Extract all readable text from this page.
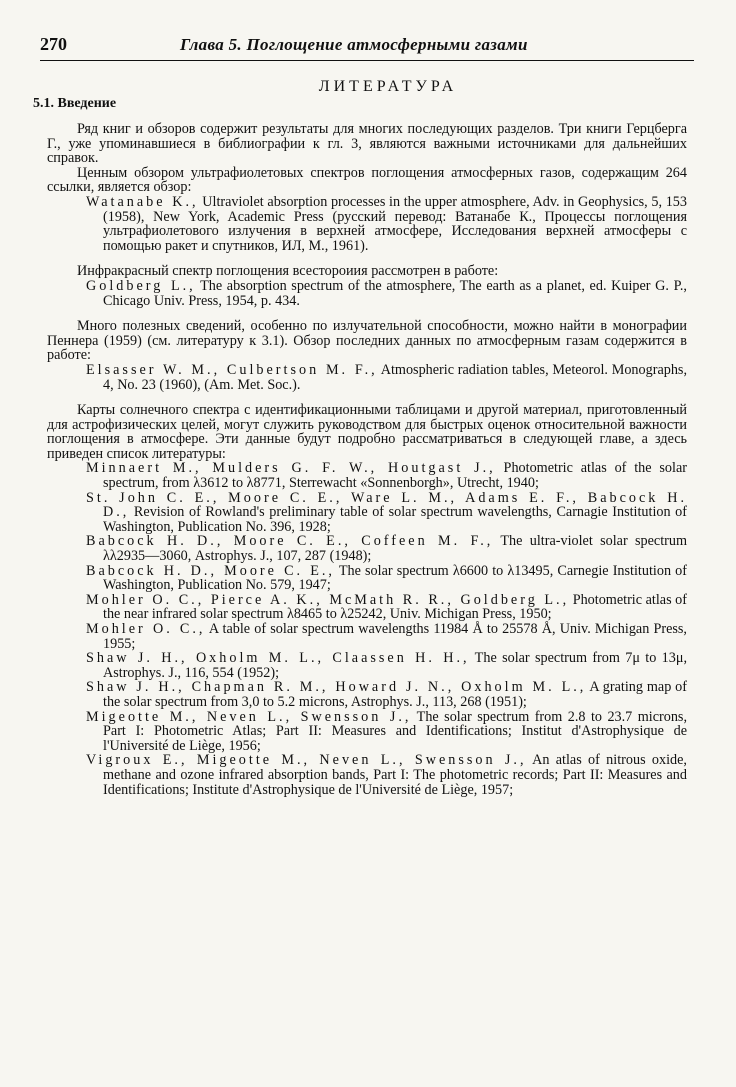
270	Глава 5. Поглощение атмосферными газами
ЛИТЕРАТУРА
5.1. Введение

Ряд книг и обзоров содержит результаты для многих последующих разделов. Три книги Герцберга Г., уже упоминавшиеся в библиографии к гл. 3, являются важными источниками для дальнейших справок.

Ценным обзором ультрафиолетовых спектров поглощения атмосферных газов, содержащим 264 ссылки, является обзор:

Watanabe K., Ultraviolet absorption processes in the upper atmosphere, Adv. in Geophysics, 5, 153 (1958), New York, Academic Press (русский перевод: Ватанабе К., Процессы поглощения ультрафиолетового излучения в верхней атмосфере, Исследования верхней атмосферы с помощью ракет и спутников, ИЛ, М., 1961).

Инфракрасный спектр поглощения всестороиия рассмотрен в работе:

Goldberg L., The absorption spectrum of the atmosphere, The earth as a planet, ed. Kuiper G. P., Chicago Univ. Press, 1954, p. 434.

Много полезных сведений, особенно по излучательной способности, можно найти в монографии Пеннера (1959) (см. литературу к 3.1). Обзор последних данных по атмосферным газам содержится в работе:

Elsasser W. M., Culbertson M. F., Atmospheric radiation tables, Meteorol. Monographs, 4, No. 23 (1960), (Am. Met. Soc.).

Карты солнечного спектра с идентификационными таблицами и другой материал, приготовленный для астрофизических целей, могут служить руководством для быстрых оценок относительной важности поглощения в атмосфере. Эти данные будут подробно рассматриваться в следующей главе, а здесь приведен список литературы:

Minnaert M., Mulders G. F. W., Houtgast J., Photometric atlas of the solar spectrum, from λ3612 to λ8771, Sterrewacht «Sonnenborgh», Utrecht, 1940;

St. John C. E., Moore C. E., Ware L. M., Adams E. F., Babcock H. D., Revision of Rowland's preliminary table of solar spectrum wavelengths, Carnagie Institution of Washington, Publication No. 396, 1928;

Babcock H. D., Moore C. E., Coffeen M. F., The ultra-violet solar spectrum λλ2935—3060, Astrophys. J., 107, 287 (1948);

Babcock H. D., Moore C. E., The solar spectrum λ6600 to λ13495, Carnegie Institution of Washington, Publication No. 579, 1947;

Mohler O. C., Pierce A. K., McMath R. R., Goldberg L., Photometric atlas of the near infrared solar spectrum λ8465 to λ25242, Univ. Michigan Press, 1950;

Mohler O. C., A table of solar spectrum wavelengths 11984 Å to 25578 Å, Univ. Michigan Press, 1955;

Shaw J. H., Oxholm M. L., Claassen H. H., The solar spectrum from 7μ to 13μ, Astrophys. J., 116, 554 (1952);

Shaw J. H., Chapman R. M., Howard J. N., Oxholm M. L., A grating map of the solar spectrum from 3,0 to 5.2 microns, Astrophys. J., 113, 268 (1951);

Migeotte M., Neven L., Swensson J., The solar spectrum from 2.8 to 23.7 microns, Part I: Photometric Atlas; Part II: Measures and Identifications; Institut d'Astrophysique de l'Université de Liège, 1956;

Vigroux E., Migeotte M., Neven L., Swensson J., An atlas of nitrous oxide, methane and ozone infrared absorption bands, Part I: The photometric records; Part II: Measures and Identifications; Institute d'Astrophysique de l'Université de Liège, 1957;
